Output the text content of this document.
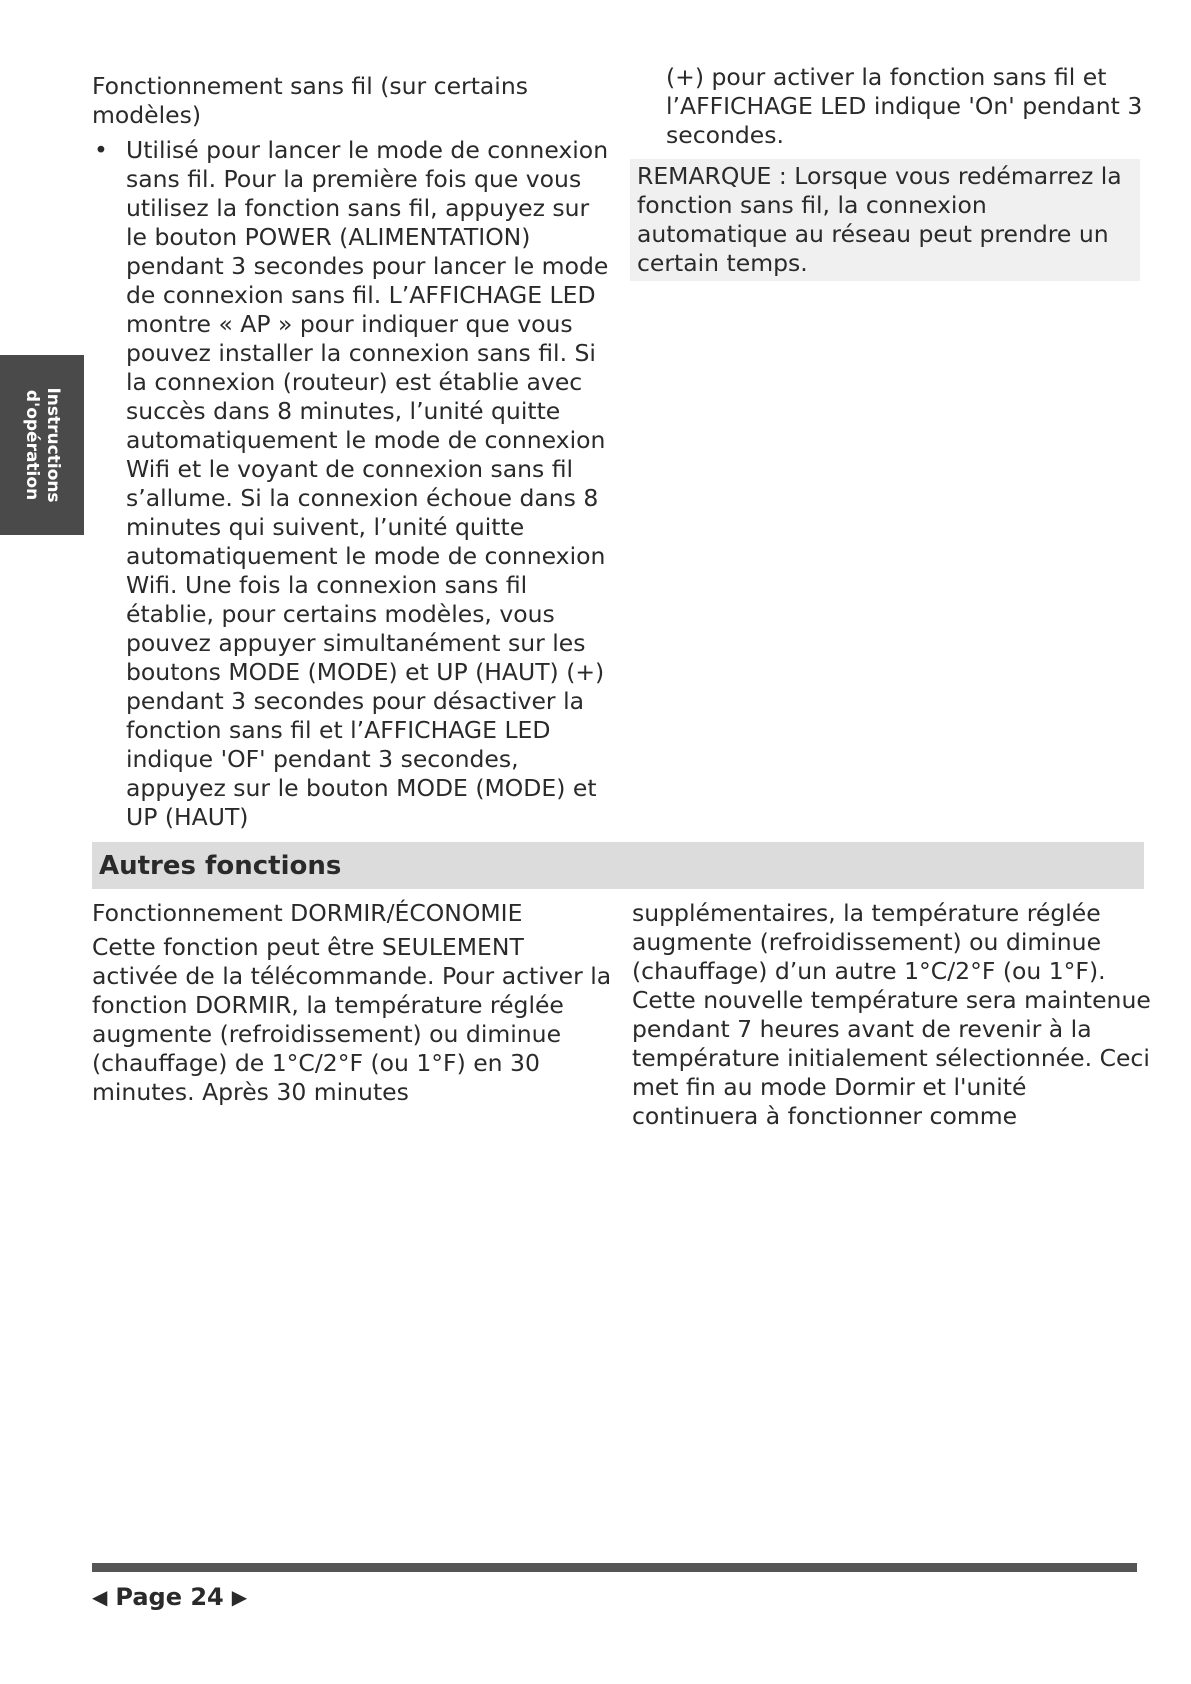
Instructions
d'opération

Fonctionnement sans fil (sur certains modèles)

• Utilisé pour lancer le mode de connexion sans fil. Pour la première fois que vous utilisez la fonction sans fil, appuyez sur le bouton POWER (ALIMENTATION) pendant 3 secondes pour lancer le mode de connexion sans fil. L’AFFICHAGE LED montre « AP » pour indiquer que vous pouvez installer la connexion sans fil. Si la connexion (routeur) est établie avec succès dans 8 minutes, l’unité quitte automatiquement le mode de connexion Wifi et le voyant de connexion sans fil s’allume. Si la connexion échoue dans 8 minutes qui suivent, l’unité quitte automatiquement le mode de connexion Wifi. Une fois la connexion sans fil établie, pour certains modèles, vous pouvez appuyer simultanément sur les boutons MODE (MODE) et UP (HAUT) (+) pendant 3 secondes pour désactiver la fonction sans fil et l’AFFICHAGE LED indique 'OF' pendant 3 secondes, appuyez sur le bouton MODE (MODE) et UP (HAUT)

(+) pour activer la fonction sans fil et l’AFFICHAGE LED indique 'On' pendant 3 secondes.

REMARQUE : Lorsque vous redémarrez la fonction sans fil, la connexion automatique au réseau peut prendre un certain temps.

Autres fonctions

Fonctionnement DORMIR/ÉCONOMIE

Cette fonction peut être SEULEMENT activée de la télécommande. Pour activer la fonction DORMIR, la température réglée augmente (refroidissement) ou diminue (chauffage) de 1°C/2°F (ou 1°F) en 30 minutes. Après 30 minutes

supplémentaires, la température réglée augmente (refroidissement) ou diminue (chauffage) d’un autre 1°C/2°F (ou 1°F). Cette nouvelle température sera maintenue pendant 7 heures avant de revenir à la température initialement sélectionnée. Ceci met fin au mode Dormir et l'unité continuera à fonctionner comme

◀ Page 24 ▶
